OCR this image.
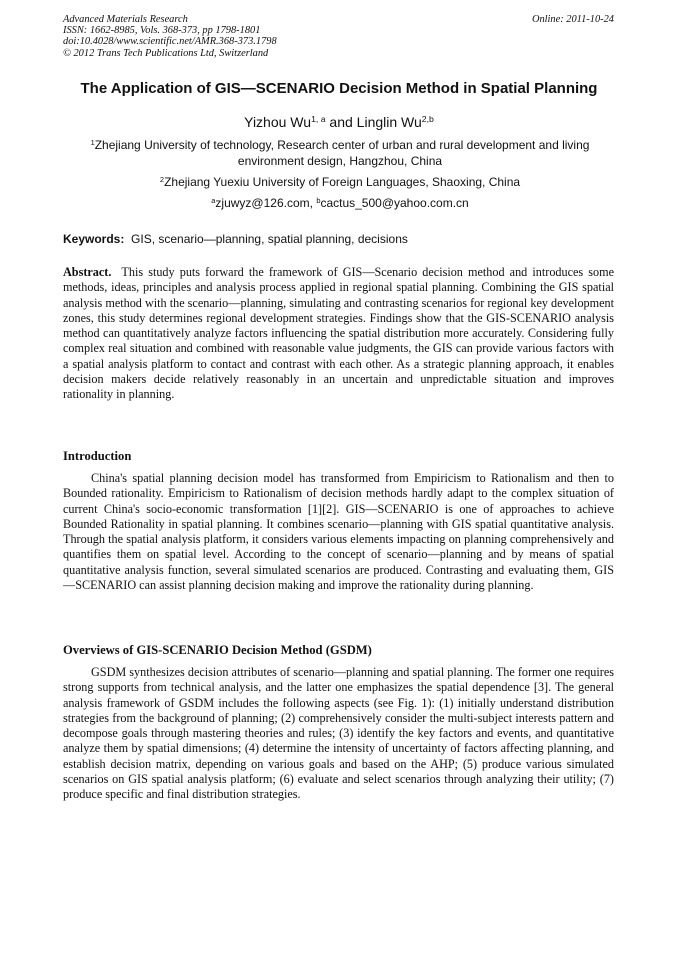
Advanced Materials Research
ISSN: 1662-8985, Vols. 368-373, pp 1798-1801
doi:10.4028/www.scientific.net/AMR.368-373.1798
© 2012 Trans Tech Publications Ltd, Switzerland
Online: 2011-10-24
The Application of GIS—SCENARIO Decision Method in Spatial Planning
Yizhou Wu$^{1, a}$ and Linglin Wu$^{2,b}$
$^1$Zhejiang University of technology, Research center of urban and rural development and living environment design, Hangzhou, China
$^2$Zhejiang Yuexiu University of Foreign Languages, Shaoxing, China
$^a$zjuwyz@126.com, $^b$cactus_500@yahoo.com.cn
Keywords: GIS, scenario—planning, spatial planning, decisions
Abstract. This study puts forward the framework of GIS—Scenario decision method and introduces some methods, ideas, principles and analysis process applied in regional spatial planning. Combining the GIS spatial analysis method with the scenario—planning, simulating and contrasting scenarios for regional key development zones, this study determines regional development strategies. Findings show that the GIS-SCENARIO analysis method can quantitatively analyze factors influencing the spatial distribution more accurately. Considering fully complex real situation and combined with reasonable value judgments, the GIS can provide various factors with a spatial analysis platform to contact and contrast with each other. As a strategic planning approach, it enables decision makers decide relatively reasonably in an uncertain and unpredictable situation and improves rationality in planning.
Introduction
China's spatial planning decision model has transformed from Empiricism to Rationalism and then to Bounded rationality. Empiricism to Rationalism of decision methods hardly adapt to the complex situation of current China's socio-economic transformation [1][2]. GIS—SCENARIO is one of approaches to achieve Bounded Rationality in spatial planning. It combines scenario—planning with GIS spatial quantitative analysis. Through the spatial analysis platform, it considers various elements impacting on planning comprehensively and quantifies them on spatial level. According to the concept of scenario—planning and by means of spatial quantitative analysis function, several simulated scenarios are produced. Contrasting and evaluating them, GIS—SCENARIO can assist planning decision making and improve the rationality during planning.
Overviews of GIS-SCENARIO Decision Method (GSDM)
GSDM synthesizes decision attributes of scenario—planning and spatial planning. The former one requires strong supports from technical analysis, and the latter one emphasizes the spatial dependence [3]. The general analysis framework of GSDM includes the following aspects (see Fig. 1): (1) initially understand distribution strategies from the background of planning; (2) comprehensively consider the multi-subject interests pattern and decompose goals through mastering theories and rules; (3) identify the key factors and events, and quantitative analyze them by spatial dimensions; (4) determine the intensity of uncertainty of factors affecting planning, and establish decision matrix, depending on various goals and based on the AHP; (5) produce various simulated scenarios on GIS spatial analysis platform; (6) evaluate and select scenarios through analyzing their utility; (7) produce specific and final distribution strategies.
